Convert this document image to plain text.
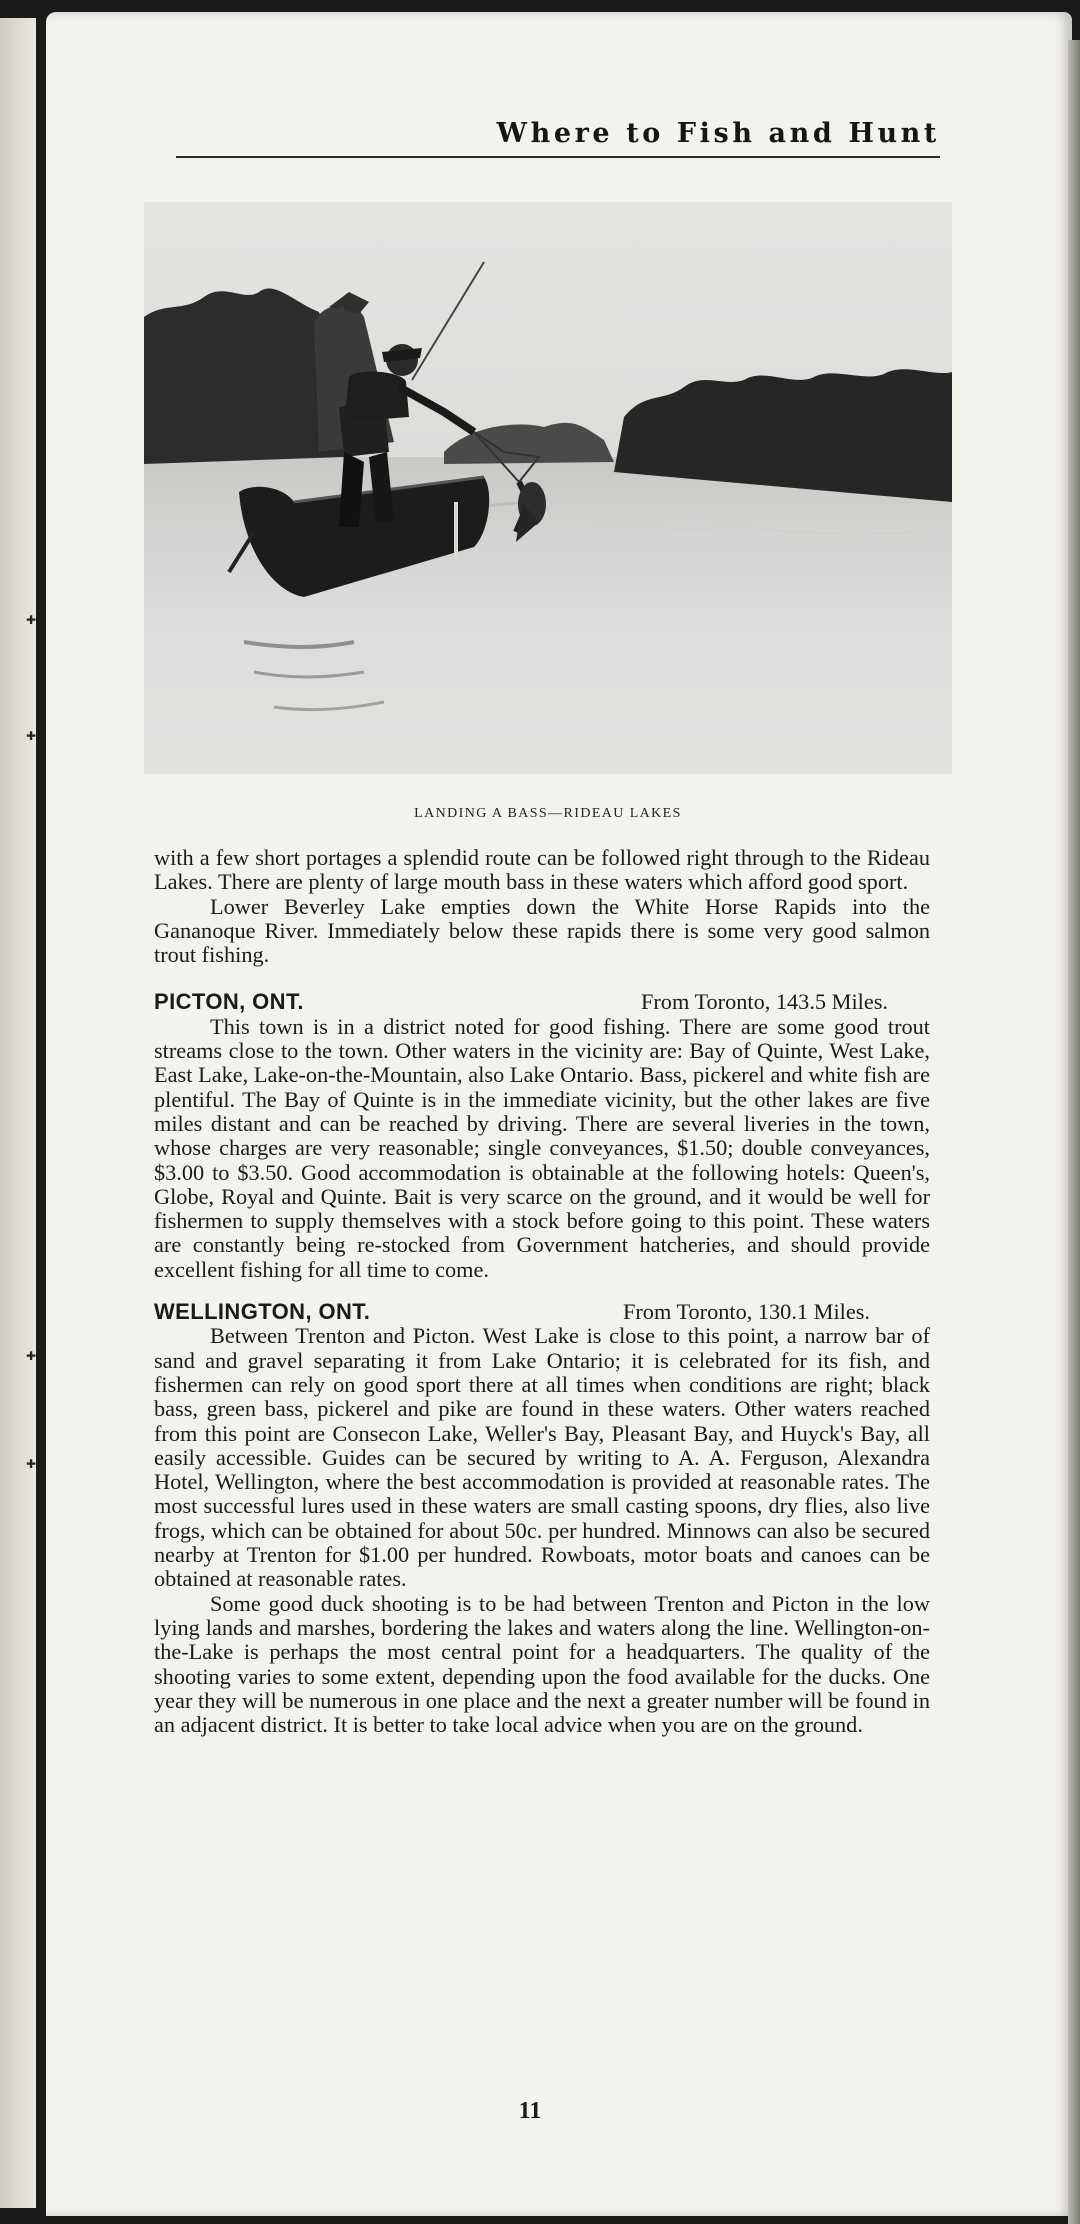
✚
✚
✚
✚
Where to Fish and Hunt
LANDING A BASS—RIDEAU LAKES

with a few short portages a splendid route can be followed right through to the Rideau Lakes. There are plenty of large mouth bass in these waters which afford good sport.

Lower Beverley Lake empties down the White Horse Rapids into the Gananoque River. Immediately below these rapids there is some very good salmon trout fishing.

PICTON, ONT.	From Toronto, 143.5 Miles.

This town is in a district noted for good fishing. There are some good trout streams close to the town. Other waters in the vicinity are: Bay of Quinte, West Lake, East Lake, Lake-on-the-Mountain, also Lake Ontario. Bass, pickerel and white fish are plentiful. The Bay of Quinte is in the immediate vicinity, but the other lakes are five miles distant and can be reached by driving. There are several liveries in the town, whose charges are very reasonable; single conveyances, $1.50; double conveyances, $3.00 to $3.50. Good accommodation is obtainable at the following hotels: Queen's, Globe, Royal and Quinte. Bait is very scarce on the ground, and it would be well for fishermen to supply themselves with a stock before going to this point. These waters are constantly being re-stocked from Government hatcheries, and should provide excellent fishing for all time to come.

WELLINGTON, ONT.	From Toronto, 130.1 Miles.

Between Trenton and Picton. West Lake is close to this point, a narrow bar of sand and gravel separating it from Lake Ontario; it is celebrated for its fish, and fishermen can rely on good sport there at all times when conditions are right; black bass, green bass, pickerel and pike are found in these waters. Other waters reached from this point are Consecon Lake, Weller's Bay, Pleasant Bay, and Huyck's Bay, all easily accessible. Guides can be secured by writing to A. A. Ferguson, Alexandra Hotel, Wellington, where the best accommodation is provided at reasonable rates. The most successful lures used in these waters are small casting spoons, dry flies, also live frogs, which can be obtained for about 50c. per hundred. Minnows can also be secured nearby at Trenton for $1.00 per hundred. Rowboats, motor boats and canoes can be obtained at reasonable rates.

Some good duck shooting is to be had between Trenton and Picton in the low lying lands and marshes, bordering the lakes and waters along the line. Wellington-on-the-Lake is perhaps the most central point for a headquarters. The quality of the shooting varies to some extent, depending upon the food available for the ducks. One year they will be numerous in one place and the next a greater number will be found in an adjacent district. It is better to take local advice when you are on the ground.

11
